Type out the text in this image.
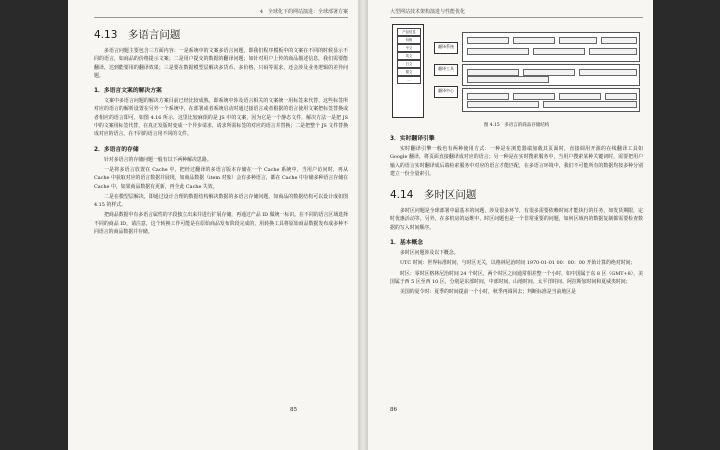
4　全球化下的网站演进：全球部署方案
4.13　多语言问题

多语言问题主要包含三方面内容：一是系统中的文案多语言问题，即我们程序模板中的文案在不同的时候显示不同的语言，如商品的价格提示文案；二是用户提交的数据的翻译问题；如针对用户上传的商品描述信息，我们需要能翻译，达到能要用的翻译效果；三是要在数据模型层解决多货币、多价格、只码等需求，还会涉及业务逻辑的差异问题。

1．多语言文案的解决方案

文案中多语言问题的解决方案目前已经比较成熟，即系统中涉及语言相关的文案统一用标签来代替，这些标签所对应的语言的解析设置在另外一个系统中，在部署或者系统启动时通过接语言或者根据的语言使用文案把标签替换或者相应的语言即可，如图 4.16 所示，这里比较麻烦的是 JS 中的文案，因为它是一个静态文件，解决方法一是把 JS 中的文案用标签代替，在真正发版时变成一个异步请求，请求所需标签的对应的语言并替换；二是把整个 JS 文件替换成对应的语言，在不同的语言用不同的文件。

2．多语言的存储

针对多语言的存储问题一般有以下两种解决思路。

一是将多语言放置在 Cache 中，把经过翻译的多语言版本存储在一个 Cache 系统中，当用户访问时，再从 Cache 中获取对应的语言数据并展现，如商品数据（item 对象）会有多种语言，都在 Cache 中存储多种语言存储在 Cache 中，如果商品数据有更新，再全此 Cache 失效。

二是在模型层解决，即通过设计合理的数据结构解决数据的多语言存储问题，如商品的数据结构可以设计成如图 4.15 的样式。

把商品数据中有多语言属性的字段独立出来并进行扩展存储，再通过产品 ID 做统一标识。在不同的语言区域选择不同的商品 ID，请注意，这个转换工作可能是在原始商品发布阶段完成的，用转换工具将原始商品数据发布成多种不同语言的商品数据并存储。

85
大型网站技术架构演进与性能优化
产品信息
价格
中文
英文
日文
德文
...
翻译系统
翻译工具
翻译中心
图 4.15　多语言的商品存储结构
3．实时翻译引擎

实时翻译引擎一般也有两种使用方式：一种是在浏览器端加载其页面时，直接调用开源的在线翻译工具如 Google 翻译，将页面直接翻译成对应的语言；另一种是在实时搜索服务中，当用户搜索某种关键词时，需要把用户输入的语言实时翻译成后端检索服务中对应的语言才能匹配，在多语言环境中，我们不可能所有的数据均按多种分别建立一份全量索引。

4.14　多时区问题

多时区问题是全球部署中最基本的问题，涉及很多环节，有很多需要依赖时间才能执行的任务，如发货期限，定时优惠活动等。另外，在多机房的运维中，时区问题也是一个非常重要的问题，如何区域内的数据复制都需要检查数据的写入时间顺序。

1．基本概念

多时区问题涉及以下概念。

UTC 时间：世界标准时间，与时区无关，以格林尼治时间 1970-01-01 00：00：00 开始计算的绝对时间；

时区：零时区格林尼治时间 24 个时区，两个时区之间通常相差整一个小时，如中国属于东 8 区（GMT+8），美国属于西 5 区至西 10 区，分别是东部时间、中部时间、山地时间、太平洋时间、阿拉斯加时间和夏威夷时间；

美国的夏令时：夏季的时间提前一个小时，秋季再调回去；判断标准是当前地区是

86
